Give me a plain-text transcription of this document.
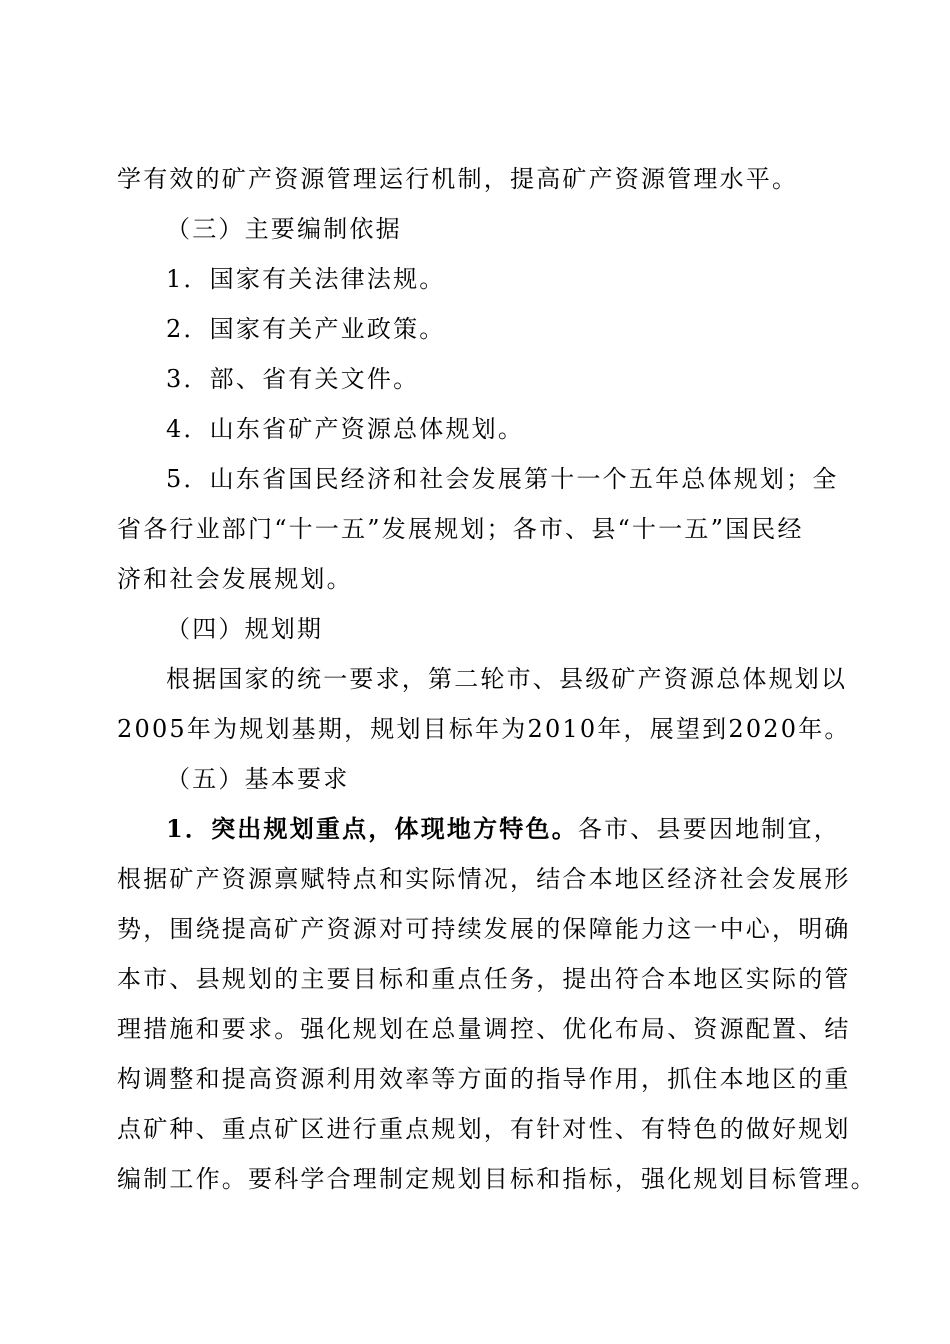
学有效的矿产资源管理运行机制，提高矿产资源管理水平。
（三）主要编制依据
1．国家有关法律法规。
2．国家有关产业政策。
3．部、省有关文件。
4．山东省矿产资源总体规划。
5．山东省国民经济和社会发展第十一个五年总体规划；全
省各行业部门“十一五”发展规划；各市、县“十一五”国民经
济和社会发展规划。
（四）规划期
根据国家的统一要求，第二轮市、县级矿产资源总体规划以
2005年为规划基期，规划目标年为2010年，展望到2020年。
（五）基本要求
1．突出规划重点，体现地方特色。各市、县要因地制宜，
根据矿产资源禀赋特点和实际情况，结合本地区经济社会发展形
势，围绕提高矿产资源对可持续发展的保障能力这一中心，明确
本市、县规划的主要目标和重点任务，提出符合本地区实际的管
理措施和要求。强化规划在总量调控、优化布局、资源配置、结
构调整和提高资源利用效率等方面的指导作用，抓住本地区的重
点矿种、重点矿区进行重点规划，有针对性、有特色的做好规划
编制工作。要科学合理制定规划目标和指标，强化规划目标管理。
